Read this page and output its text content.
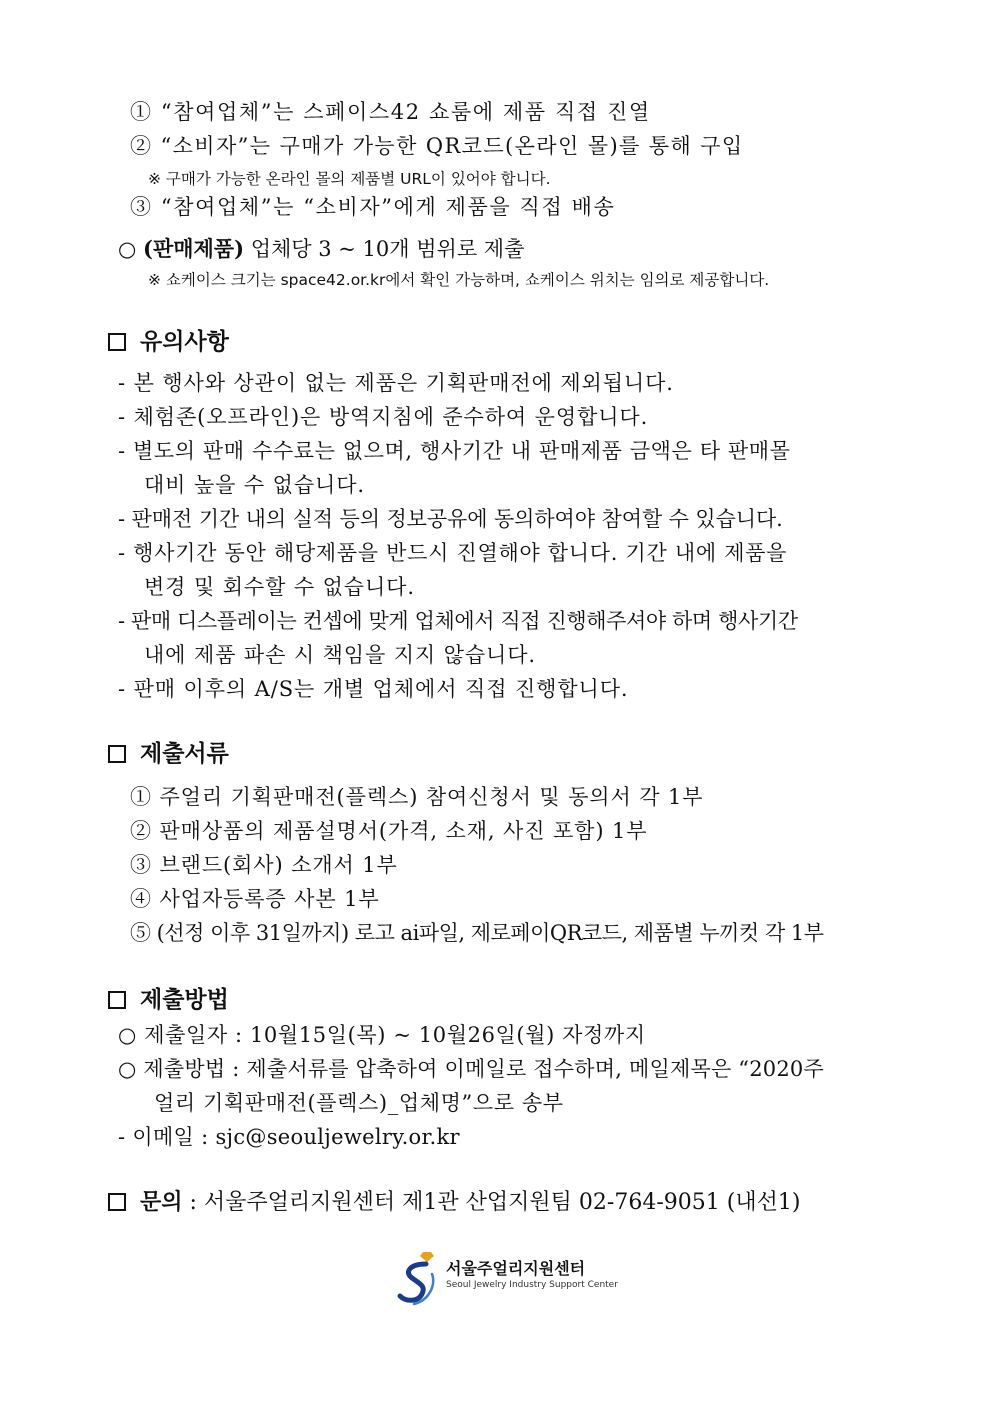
① “참여업체”는 스페이스42 쇼룸에 제품 직접 진열
② “소비자”는 구매가 가능한 QR코드(온라인 몰)를 통해 구입
※ 구매가 가능한 온라인 몰의 제품별 URL이 있어야 합니다.
③ “참여업체”는 “소비자”에게 제품을 직접 배송
○ (판매제품) 업체당 3 ~ 10개 범위로 제출
※ 쇼케이스 크기는 space42.or.kr에서 확인 가능하며, 쇼케이스 위치는 임의로 제공합니다.
유의사항
- 본 행사와 상관이 없는 제품은 기획판매전에 제외됩니다.
- 체험존(오프라인)은 방역지침에 준수하여 운영합니다.
- 별도의 판매 수수료는 없으며, 행사기간 내 판매제품 금액은 타 판매몰
대비 높을 수 없습니다.
- 판매전 기간 내의 실적 등의 정보공유에 동의하여야 참여할 수 있습니다.
- 행사기간 동안 해당제품을 반드시 진열해야 합니다. 기간 내에 제품을
변경 및 회수할 수 없습니다.
- 판매 디스플레이는 컨셉에 맞게 업체에서 직접 진행해주셔야 하며 행사기간
내에 제품 파손 시 책임을 지지 않습니다.
- 판매 이후의 A/S는 개별 업체에서 직접 진행합니다.
제출서류
① 주얼리 기획판매전(플렉스) 참여신청서 및 동의서 각 1부
② 판매상품의 제품설명서(가격, 소재, 사진 포함) 1부
③ 브랜드(회사) 소개서 1부
④ 사업자등록증 사본 1부
⑤ (선정 이후 31일까지) 로고 ai파일, 제로페이QR코드, 제품별 누끼컷 각 1부
제출방법
○ 제출일자 : 10월15일(목) ~ 10월26일(월) 자정까지
○ 제출방법 : 제출서류를 압축하여 이메일로 접수하며, 메일제목은 “2020주
얼리 기획판매전(플렉스)_업체명”으로 송부
- 이메일 : sjc@seouljewelry.or.kr
문의 : 서울주얼리지원센터 제1관 산업지원팀 02-764-9051 (내선1)
서울주얼리지원센터
Seoul Jewelry Industry Support Center
